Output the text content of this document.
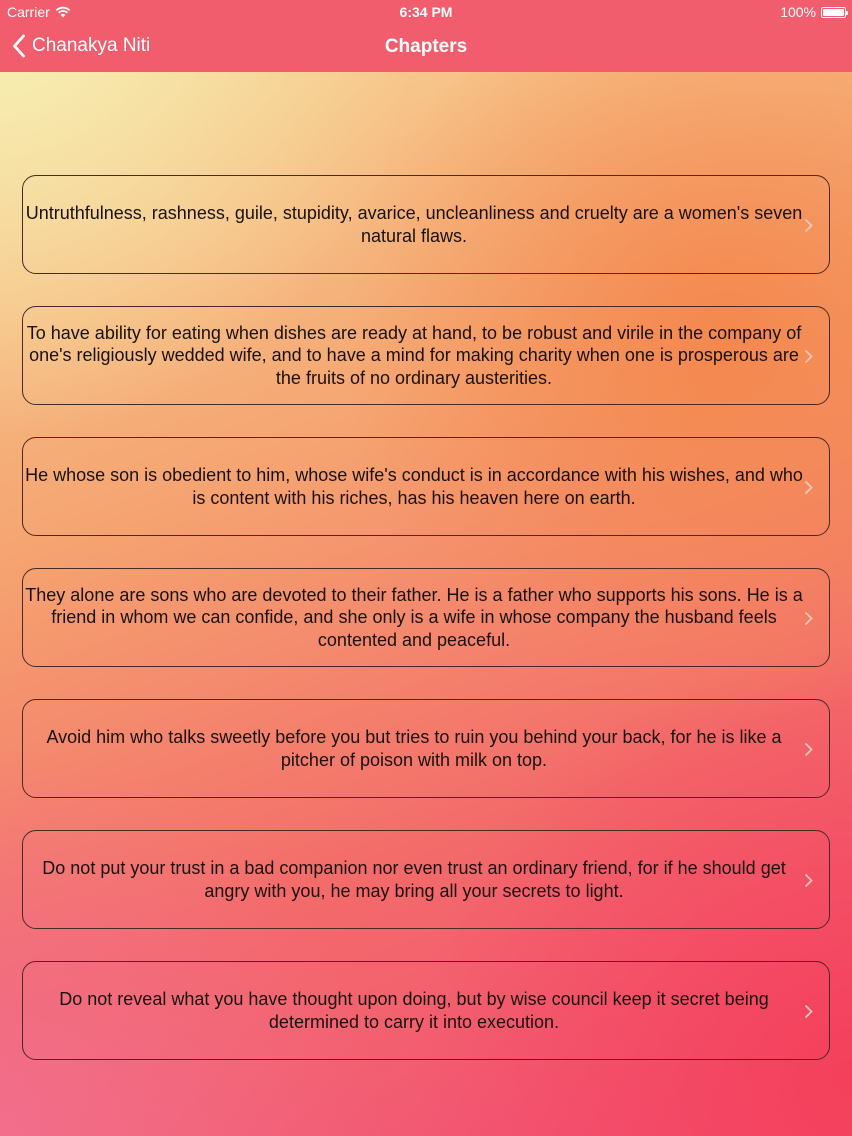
Carrier	6:34 PM	100%
Chanakya Niti	Chapters
Untruthfulness, rashness, guile, stupidity, avarice, uncleanliness and cruelty are a women's seven natural flaws.
To have ability for eating when dishes are ready at hand, to be robust and virile in the company of one's religiously wedded wife, and to have a mind for making charity when one is prosperous are the fruits of no ordinary austerities.
He whose son is obedient to him, whose wife's conduct is in accordance with his wishes, and who is content with his riches, has his heaven here on earth.
They alone are sons who are devoted to their father. He is a father who supports his sons. He is a friend in whom we can confide, and she only is a wife in whose company the husband feels contented and peaceful.
Avoid him who talks sweetly before you but tries to ruin you behind your back, for he is like a pitcher of poison with milk on top.
Do not put your trust in a bad companion nor even trust an ordinary friend, for if he should get angry with you, he may bring all your secrets to light.
Do not reveal what you have thought upon doing, but by wise council keep it secret being determined to carry it into execution.
